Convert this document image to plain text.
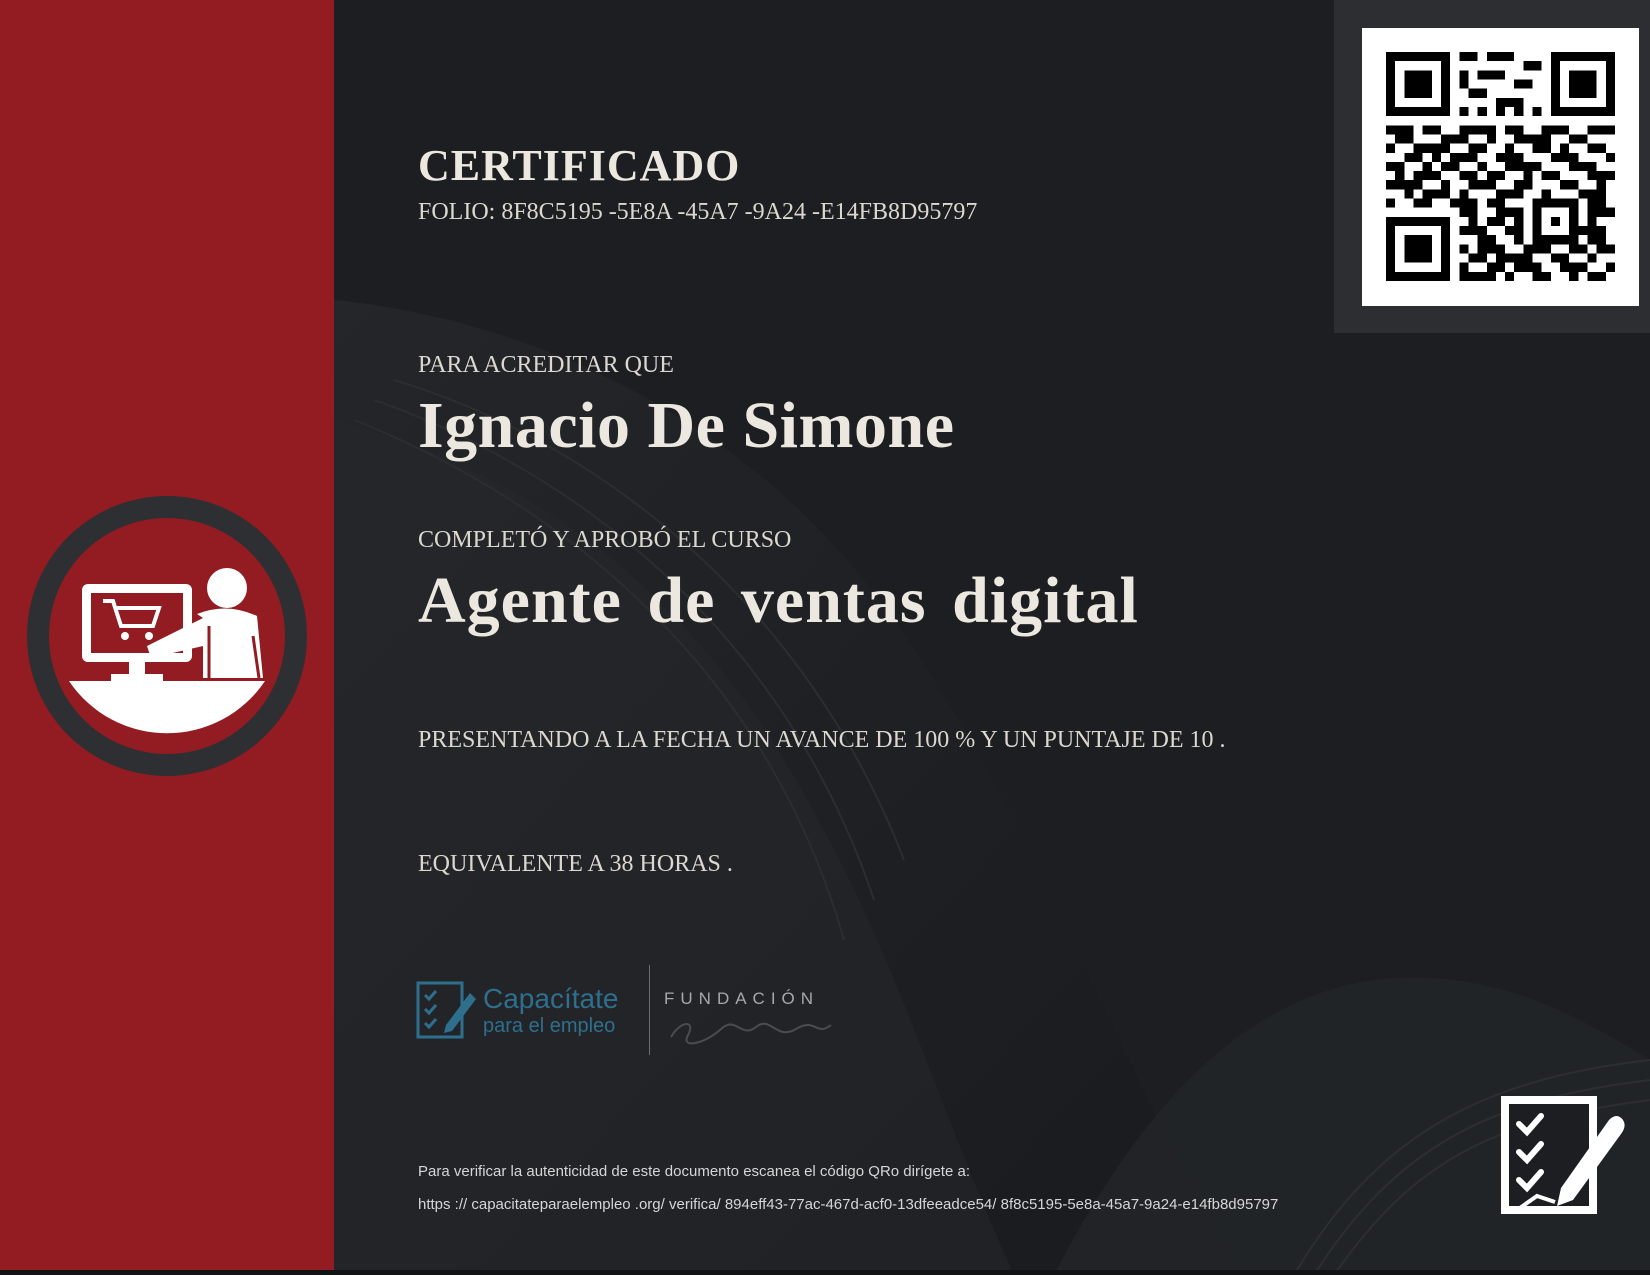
CERTIFICADO
FOLIO: 8F8C5195 -5E8A -45A7 -9A24 -E14FB8D95797
PARA ACREDITAR QUE
Ignacio De Simone
COMPLETÓ Y APROBÓ EL CURSO
Agente de ventas digital
PRESENTANDO A LA FECHA UN AVANCE DE 100 % Y UN PUNTAJE DE 10 .
EQUIVALENTE A 38 HORAS .
Capacítate
para el empleo
FUNDACIÓN
Para verificar la autenticidad de este documento escanea el código QRo dirígete a:
https :// capacitateparaelempleo .org/ verifica/ 894eff43-77ac-467d-acf0-13dfeeadce54/ 8f8c5195-5e8a-45a7-9a24-e14fb8d95797
